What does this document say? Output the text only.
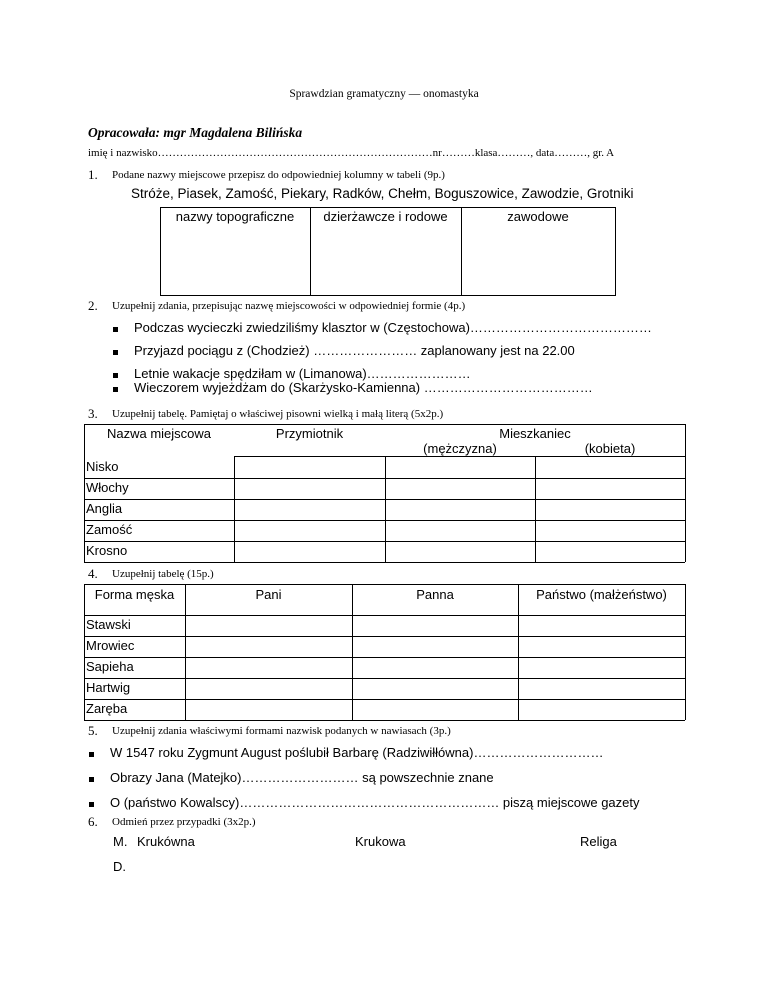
Sprawdzian gramatyczny — onomastyka
Opracowała: mgr Magdalena Bilińska
imię i nazwisko…………………………………………………………………nr………klasa………, data………, gr. A
1. Podane nazwy miejscowe przepisz do odpowiedniej kolumny w tabeli (9p.)
Stróże, Piasek, Zamość, Piekary, Radków, Chełm, Boguszowice, Zawodzie, Grotniki
nazwy topograficzne	dzierżawcze i rodowe	zawodowe
2. Uzupełnij zdania, przepisując nazwę miejscowości w odpowiedniej formie (4p.)
Podczas wycieczki zwiedziliśmy klasztor w (Częstochowa)……………………………………
Przyjazd pociągu z (Chodzież) …………………… zaplanowany jest na 22.00
Letnie wakacje spędziłam w (Limanowa)……………………
Wieczorem wyjeżdżam do (Skarżysko-Kamienna) …………………………………
3. Uzupełnij tabelę. Pamiętaj o właściwej pisowni wielką i małą literą (5x2p.)
Nazwa miejscowa	Przymiotnik	Mieszkaniec
(mężczyzna)	(kobieta)
Nisko
Włochy
Anglia
Zamość
Krosno
4. Uzupełnij tabelę (15p.)
Forma męska	Pani	Panna	Państwo (małżeństwo)
Stawski
Mrowiec
Sapieha
Hartwig
Zaręba
5. Uzupełnij zdania właściwymi formami nazwisk podanych w nawiasach (3p.)
W 1547 roku Zygmunt August poślubił Barbarę (Radziwiłłówna)…………………………
Obrazy Jana (Matejko)……………………… są powszechnie znane
O (państwo Kowalscy)…………………………………………………… piszą miejscowe gazety
6. Odmień przez przypadki (3x2p.)
M. Krukówna	Krukowa	Religa
D.
